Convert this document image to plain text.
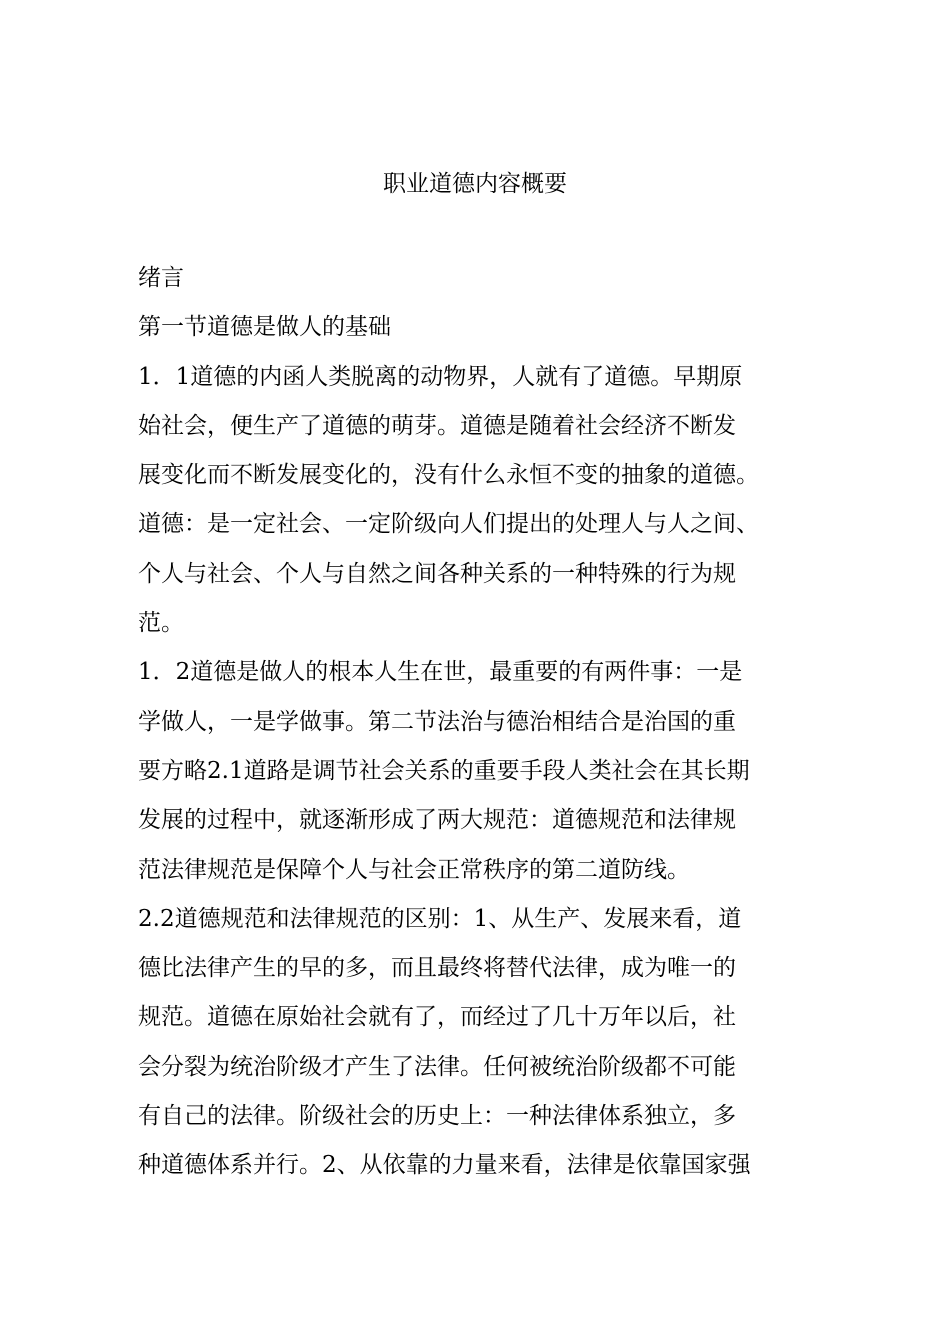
职业道德内容概要

绪言

第一节道德是做人的基础

1．1道德的内函人类脱离的动物界，人就有了道德。早期原
始社会，便生产了道德的萌芽。道德是随着社会经济不断发
展变化而不断发展变化的，没有什么永恒不变的抽象的道德。
道德：是一定社会、一定阶级向人们提出的处理人与人之间、
个人与社会、个人与自然之间各种关系的一种特殊的行为规
范。

1．2道德是做人的根本人生在世，最重要的有两件事：一是
学做人，一是学做事。第二节法治与德治相结合是治国的重
要方略2.1道路是调节社会关系的重要手段人类社会在其长期
发展的过程中，就逐渐形成了两大规范：道德规范和法律规
范法律规范是保障个人与社会正常秩序的第二道防线。

2.2道德规范和法律规范的区别：1、从生产、发展来看，道
德比法律产生的早的多，而且最终将替代法律，成为唯一的
规范。道德在原始社会就有了，而经过了几十万年以后，社
会分裂为统治阶级才产生了法律。任何被统治阶级都不可能
有自己的法律。阶级社会的历史上：一种法律体系独立，多
种道德体系并行。2、从依靠的力量来看，法律是依靠国家强
